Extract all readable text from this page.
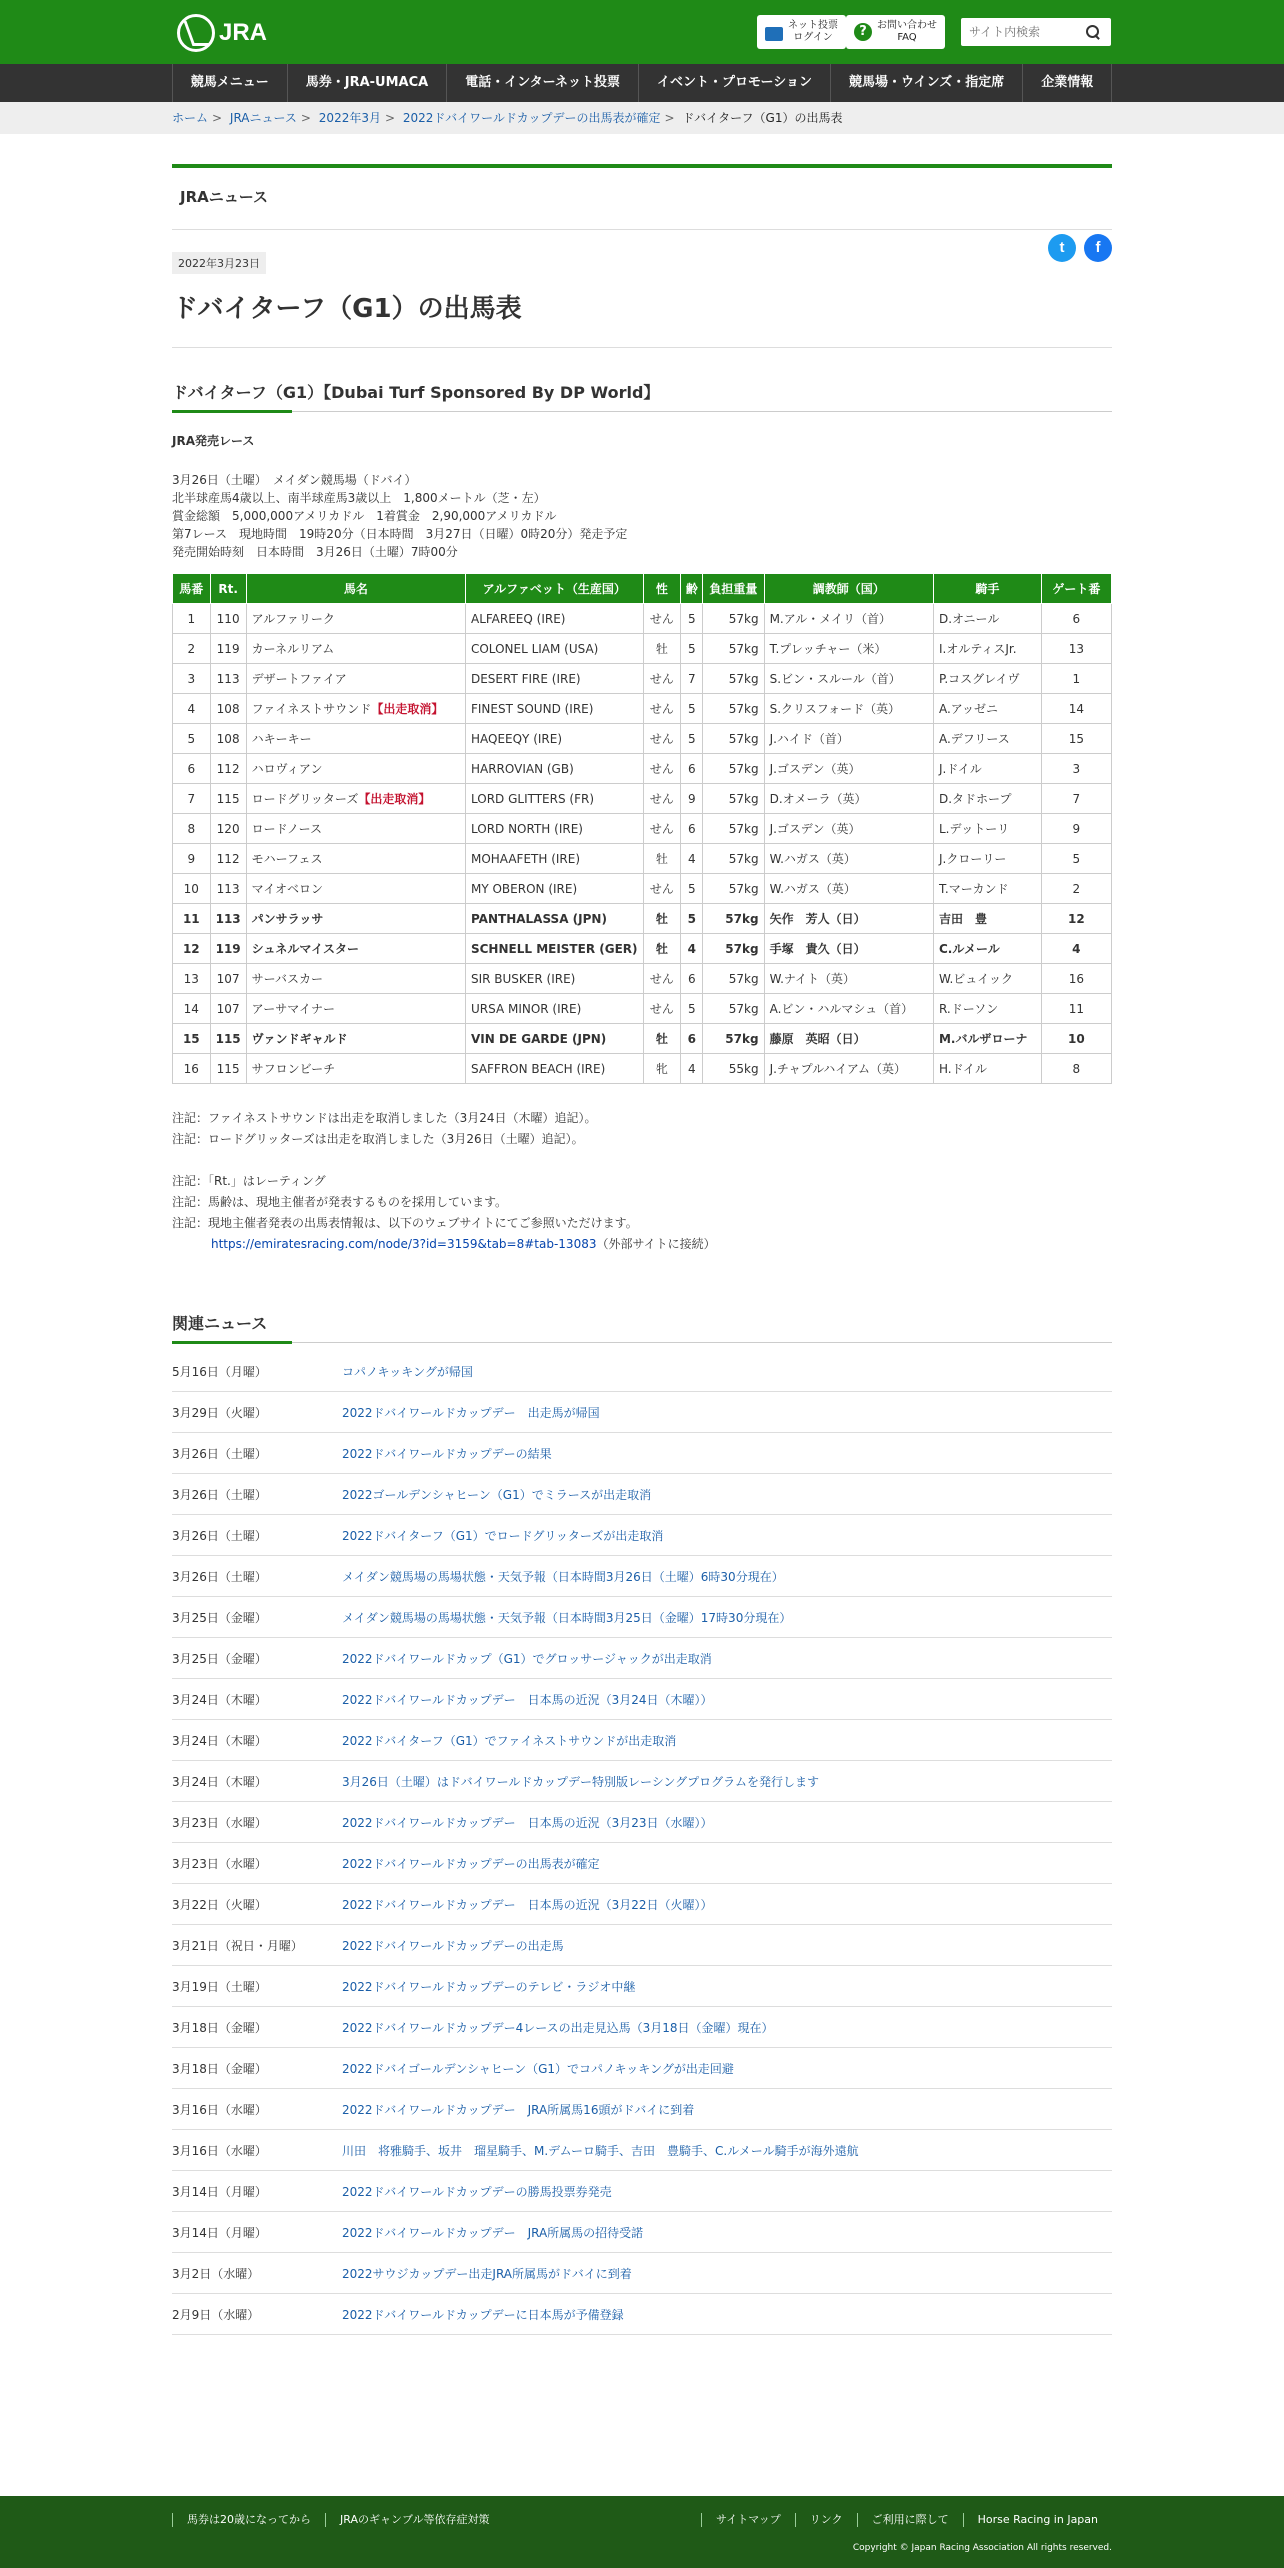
JRA	ネット投票
ログイン	?	お問い合わせ
FAQ
サイト内検索
競馬メニュー	馬券・JRA-UMACA	電話・インターネット投票	イベント・プロモーション	競馬場・ウインズ・指定席	企業情報
ホーム > JRAニュース > 2022年3月 > 2022ドバイワールドカップデーの出馬表が確定 > ドバイターフ（G1）の出馬表
JRAニュース
2022年3月23日
t	f
ドバイターフ（G1）の出馬表
ドバイターフ（G1）【Dubai Turf Sponsored By DP World】
JRA発売レース
3月26日（土曜）　メイダン競馬場（ドバイ）
北半球産馬4歳以上、南半球産馬3歳以上　1,800メートル（芝・左）
賞金総額　5,000,000アメリカドル　1着賞金　2,90,000アメリカドル
第7レース　現地時間　19時20分（日本時間　3月27日（日曜）0時20分）発走予定
発売開始時刻　日本時間　3月26日（土曜）7時00分
馬番	Rt.	馬名	アルファベット（生産国）	性	齢	負担重量	調教師（国）	騎手	ゲート番
1	110	アルファリーク	ALFAREEQ (IRE)	せん	5	57kg	M.アル・メイリ（首）	D.オニール	6
2	119	カーネルリアム	COLONEL LIAM (USA)	牡	5	57kg	T.プレッチャー（米）	I.オルティスJr.	13
3	113	デザートファイア	DESERT FIRE (IRE)	せん	7	57kg	S.ビン・スルール（首）	P.コスグレイヴ	1
4	108	ファイネストサウンド【出走取消】	FINEST SOUND (IRE)	せん	5	57kg	S.クリスフォード（英）	A.アッゼニ	14
5	108	ハキーキー	HAQEEQY (IRE)	せん	5	57kg	J.ハイド（首）	A.デフリース	15
6	112	ハロヴィアン	HARROVIAN (GB)	せん	6	57kg	J.ゴスデン（英）	J.ドイル	3
7	115	ロードグリッターズ【出走取消】	LORD GLITTERS (FR)	せん	9	57kg	D.オメーラ（英）	D.タドホープ	7
8	120	ロードノース	LORD NORTH (IRE)	せん	6	57kg	J.ゴスデン（英）	L.デットーリ	9
9	112	モハーフェス	MOHAAFETH (IRE)	牡	4	57kg	W.ハガス（英）	J.クローリー	5
10	113	マイオベロン	MY OBERON (IRE)	せん	5	57kg	W.ハガス（英）	T.マーカンド	2
11	113	パンサラッサ	PANTHALASSA (JPN)	牡	5	57kg	矢作　芳人（日）	吉田　豊	12
12	119	シュネルマイスター	SCHNELL MEISTER (GER)	牡	4	57kg	手塚　貴久（日）	C.ルメール	4
13	107	サーバスカー	SIR BUSKER (IRE)	せん	6	57kg	W.ナイト（英）	W.ビュイック	16
14	107	アーサマイナー	URSA MINOR (IRE)	せん	5	57kg	A.ビン・ハルマシュ（首）	R.ドーソン	11
15	115	ヴァンドギャルド	VIN DE GARDE (JPN)	牡	6	57kg	藤原　英昭（日）	M.バルザローナ	10
16	115	サフロンビーチ	SAFFRON BEACH (IRE)	牝	4	55kg	J.チャプルハイアム（英）	H.ドイル	8
注記：ファイネストサウンドは出走を取消しました（3月24日（木曜）追記）。
注記：ロードグリッターズは出走を取消しました（3月26日（土曜）追記）。
注記：「Rt.」はレーティング
注記：馬齢は、現地主催者が発表するものを採用しています。
注記：現地主催者発表の出馬表情報は、以下のウェブサイトにてご参照いただけます。
https://emiratesracing.com/node/3?id=3159&tab=8#tab-13083（外部サイトに接続）
関連ニュース
5月16日（月曜）	コパノキッキングが帰国
3月29日（火曜）	2022ドバイワールドカップデー　出走馬が帰国
3月26日（土曜）	2022ドバイワールドカップデーの結果
3月26日（土曜）	2022ゴールデンシャヒーン（G1）でミラースが出走取消
3月26日（土曜）	2022ドバイターフ（G1）でロードグリッターズが出走取消
3月26日（土曜）	メイダン競馬場の馬場状態・天気予報（日本時間3月26日（土曜）6時30分現在）
3月25日（金曜）	メイダン競馬場の馬場状態・天気予報（日本時間3月25日（金曜）17時30分現在）
3月25日（金曜）	2022ドバイワールドカップ（G1）でグロッサージャックが出走取消
3月24日（木曜）	2022ドバイワールドカップデー　日本馬の近況（3月24日（木曜））
3月24日（木曜）	2022ドバイターフ（G1）でファイネストサウンドが出走取消
3月24日（木曜）	3月26日（土曜）はドバイワールドカップデー特別版レーシングプログラムを発行します
3月23日（水曜）	2022ドバイワールドカップデー　日本馬の近況（3月23日（水曜））
3月23日（水曜）	2022ドバイワールドカップデーの出馬表が確定
3月22日（火曜）	2022ドバイワールドカップデー　日本馬の近況（3月22日（火曜））
3月21日（祝日・月曜）	2022ドバイワールドカップデーの出走馬
3月19日（土曜）	2022ドバイワールドカップデーのテレビ・ラジオ中継
3月18日（金曜）	2022ドバイワールドカップデー4レースの出走見込馬（3月18日（金曜）現在）
3月18日（金曜）	2022ドバイゴールデンシャヒーン（G1）でコパノキッキングが出走回避
3月16日（水曜）	2022ドバイワールドカップデー　JRA所属馬16頭がドバイに到着
3月16日（水曜）	川田　将雅騎手、坂井　瑠星騎手、M.デムーロ騎手、吉田　豊騎手、C.ルメール騎手が海外遠航
3月14日（月曜）	2022ドバイワールドカップデーの勝馬投票券発売
3月14日（月曜）	2022ドバイワールドカップデー　JRA所属馬の招待受諾
3月2日（水曜）	2022サウジカップデー出走JRA所属馬がドバイに到着
2月9日（水曜）	2022ドバイワールドカップデーに日本馬が予備登録
馬券は20歳になってから	JRAのギャンブル等依存症対策	サイトマップ	リンク	ご利用に際して	Horse Racing in Japan
Copyright © Japan Racing Association All rights reserved.
